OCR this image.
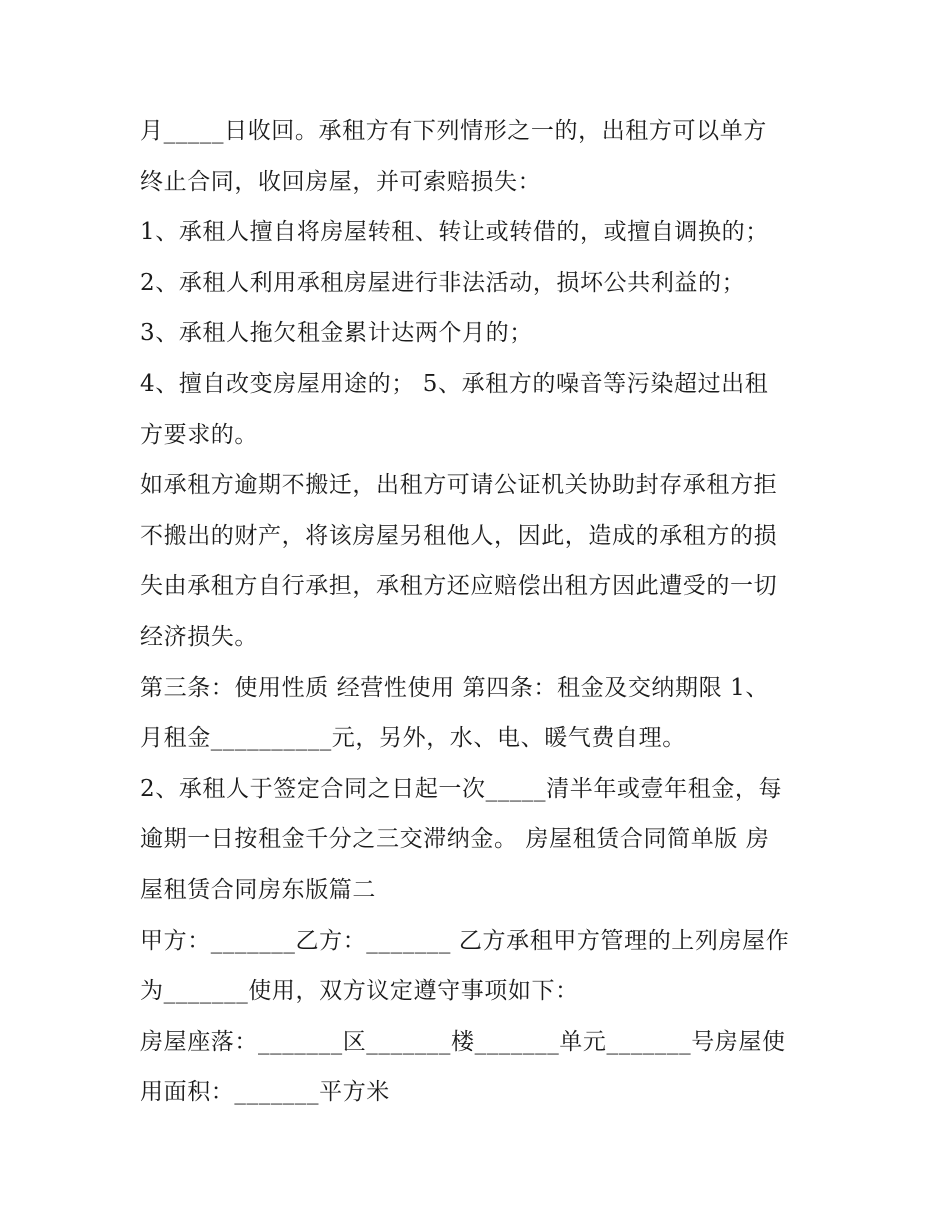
月_____日收回。承租方有下列情形之一的，出租方可以单方
终止合同，收回房屋，并可索赔损失：
1、承租人擅自将房屋转租、转让或转借的，或擅自调换的；
2、承租人利用承租房屋进行非法活动，损坏公共利益的；
3、承租人拖欠租金累计达两个月的；
4、擅自改变房屋用途的； 5、承租方的噪音等污染超过出租
方要求的。
如承租方逾期不搬迁，出租方可请公证机关协助封存承租方拒
不搬出的财产，将该房屋另租他人，因此，造成的承租方的损
失由承租方自行承担，承租方还应赔偿出租方因此遭受的一切
经济损失。
第三条：使用性质 经营性使用 第四条：租金及交纳期限 1、
月租金__________元，另外，水、电、暖气费自理。
2、承租人于签定合同之日起一次_____清半年或壹年租金，每
逾期一日按租金千分之三交滞纳金。 房屋租赁合同简单版 房
屋租赁合同房东版篇二
甲方：_______乙方：_______ 乙方承租甲方管理的上列房屋作
为_______使用，双方议定遵守事项如下：
房屋座落：_______区_______楼_______单元_______号房屋使
用面积：_______平方米
